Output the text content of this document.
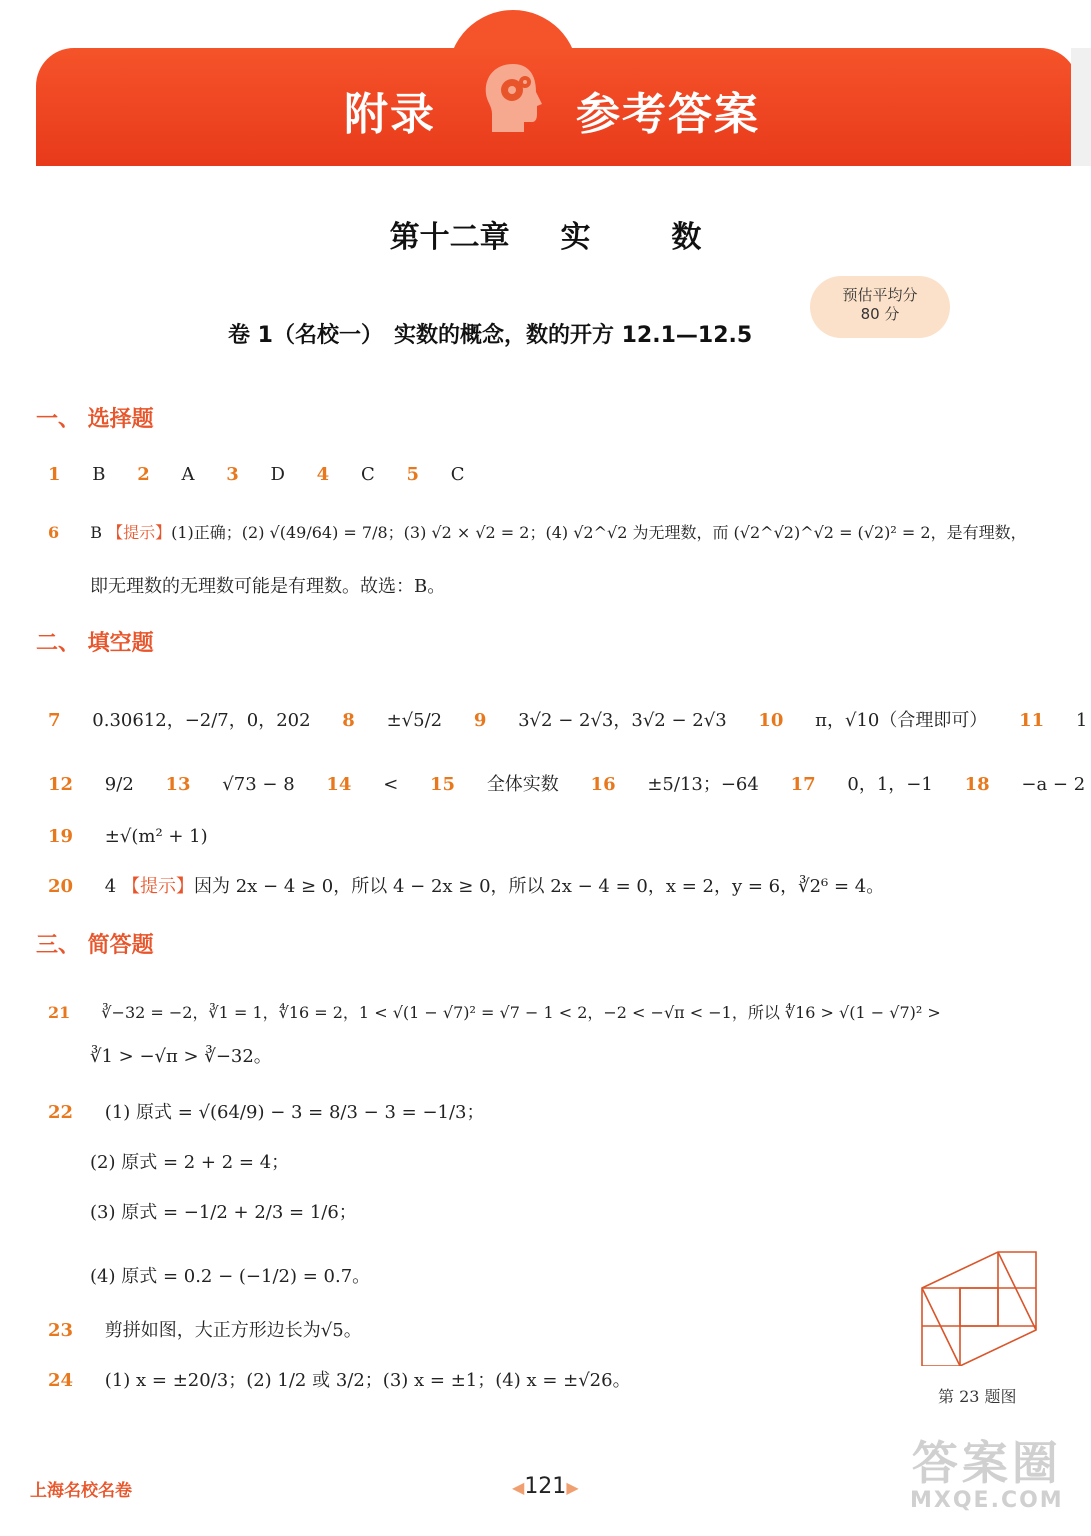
附录	参考答案
第十二章 实	数
卷 1（名校一）　实数的概念，数的开方 12.1—12.5
预估平均分
80 分
一、 选择题
1 B 2 A 3 D 4 C 5 C
6 B 【提示】(1)正确；(2) √(49/64) = 7/8；(3) √2 × √2 = 2；(4) √2^√2 为无理数，而 (√2^√2)^√2 = (√2)² = 2，是有理数，
即无理数的无理数可能是有理数。故选：B。
二、 填空题
7 0.30612，−2/7，0，202 8 ±√5/2 9 3√2 − 2√3，3√2 − 2√3 10 π，√10（合理即可） 11 1
12 9/2 13 √73 − 8 14 < 15 全体实数 16 ±5/13；−64 17 0，1，−1 18 −a − 2
19 ±√(m² + 1)
20 4 【提示】因为 2x − 4 ≥ 0，所以 4 − 2x ≥ 0，所以 2x − 4 = 0，x = 2，y = 6，∛2⁶ = 4。
三、 简答题
21 ∛−32 = −2，∛1 = 1，∜16 = 2，1 < √(1 − √7)² = √7 − 1 < 2，−2 < −√π < −1，所以 ∜16 > √(1 − √7)² >
∛1 > −√π > ∛−32。
22 (1) 原式 = √(64/9) − 3 = 8/3 − 3 = −1/3；
(2) 原式 = 2 + 2 = 4；
(3) 原式 = −1/2 + 2/3 = 1/6；
(4) 原式 = 0.2 − (−1/2) = 0.7。
23 剪拼如图，大正方形边长为√5。
24 (1) x = ±20/3；(2) 1/2 或 3/2；(3) x = ±1；(4) x = ±√26。
第 23 题图
上海名校名卷	◀121▶	答案圈
MXQE.COM
